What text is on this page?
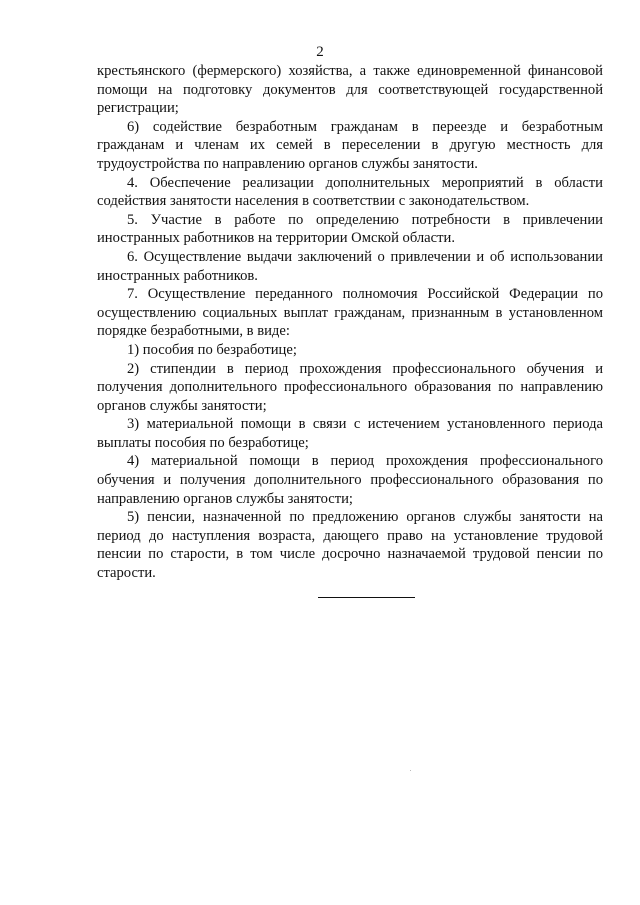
2

крестьянского (фермерского) хозяйства, а также единовременной финансовой помощи на подготовку документов для соответствующей государственной регистрации;

6) содействие безработным гражданам в переезде и безработным гражданам и членам их семей в переселении в другую местность для трудоустройства по направлению органов службы занятости.

4. Обеспечение реализации дополнительных мероприятий в области содействия занятости населения в соответствии с законодательством.

5. Участие в работе по определению потребности в привлечении иностранных работников на территории Омской области.

6. Осуществление выдачи заключений о привлечении и об использовании иностранных работников.

7. Осуществление переданного полномочия Российской Федерации по осуществлению социальных выплат гражданам, признанным в установленном порядке безработными, в виде:

1) пособия по безработице;

2) стипендии в период прохождения профессионального обучения и получения дополнительного профессионального образования по направлению органов службы занятости;

3) материальной помощи в связи с истечением установленного периода выплаты пособия по безработице;

4) материальной помощи в период прохождения профессионального обучения и получения дополнительного профессионального образования по направлению органов службы занятости;

5) пенсии, назначенной по предложению органов службы занятости на период до наступления возраста, дающего право на установление трудовой пенсии по старости, в том числе досрочно назначаемой трудовой пенсии по старости.
